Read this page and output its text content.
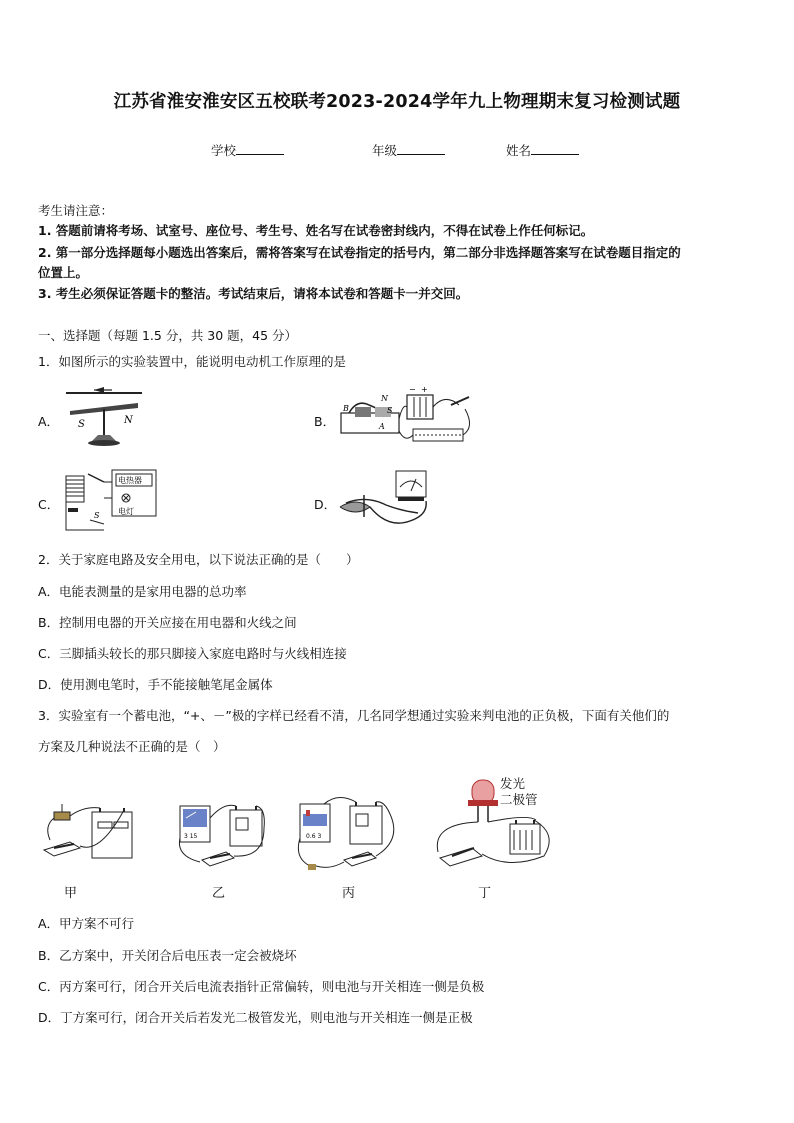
江苏省淮安淮安区五校联考2023-2024学年九上物理期末复习检测试题
学校	年级	姓名
考生请注意：
1. 答题前请将考场、试室号、座位号、考生号、姓名写在试卷密封线内，不得在试卷上作任何标记。
2. 第一部分选择题每小题选出答案后，需将答案写在试卷指定的括号内，第二部分非选择题答案写在试卷题目指定的
位置上。
3. 考生必须保证答题卡的整洁。考试结束后，请将本试卷和答题卡一并交回。
一、选择题（每题 1.5 分，共 30 题，45 分）
1．如图所示的实验装置中，能说明电动机工作原理的是
A．	B．
C．	D．
S	N
N
S
A
B
+
−
电热器
电灯
S
2．关于家庭电路及安全用电，以下说法正确的是（　　）
A．电能表测量的是家用电器的总功率
B．控制用电器的开关应接在用电器和火线之间
C．三脚插头较长的那只脚接入家庭电路时与火线相连接
D．使用测电笔时，手不能接触笔尾金属体
3．实验室有一个蓄电池，“+、－”极的字样已经看不清，几名同学想通过实验来判电池的正负极，下面有关他们的
方案及几种说法不正确的是（　）
甲
3 15
乙
0.6 3
丙
发光
二极管
丁
A．甲方案不可行
B．乙方案中，开关闭合后电压表一定会被烧坏
C．丙方案可行，闭合开关后电流表指针正常偏转，则电池与开关相连一侧是负极
D．丁方案可行，闭合开关后若发光二极管发光，则电池与开关相连一侧是正极
